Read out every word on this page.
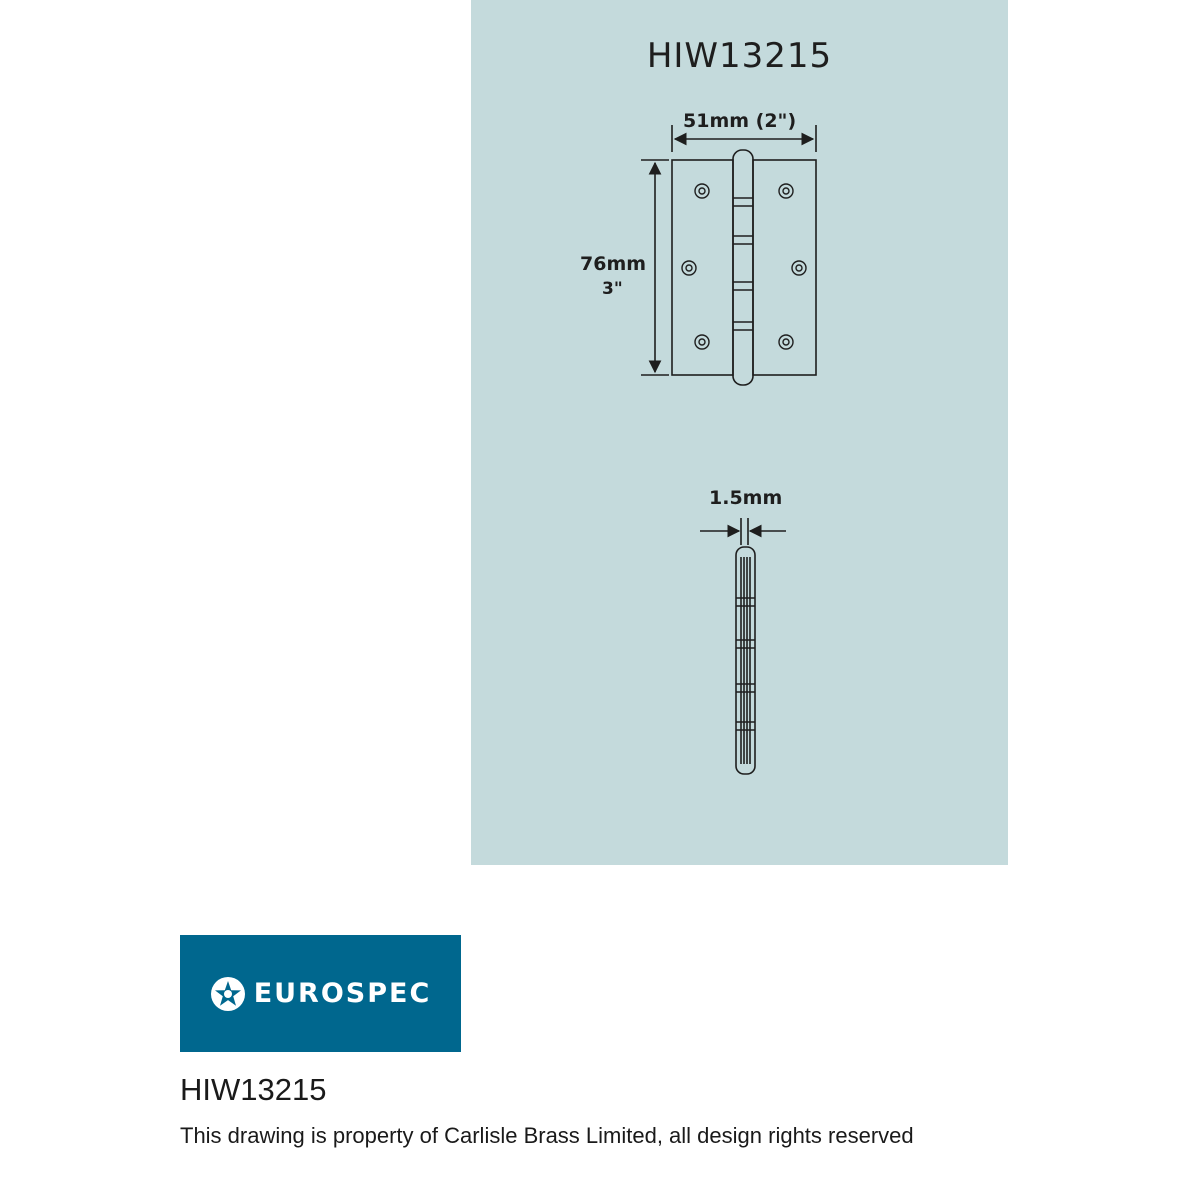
HIW13215
51mm (2")
76mm
3"
1.5mm
EUROSPEC
HIW13215
This drawing is property of Carlisle Brass Limited, all design rights reserved
